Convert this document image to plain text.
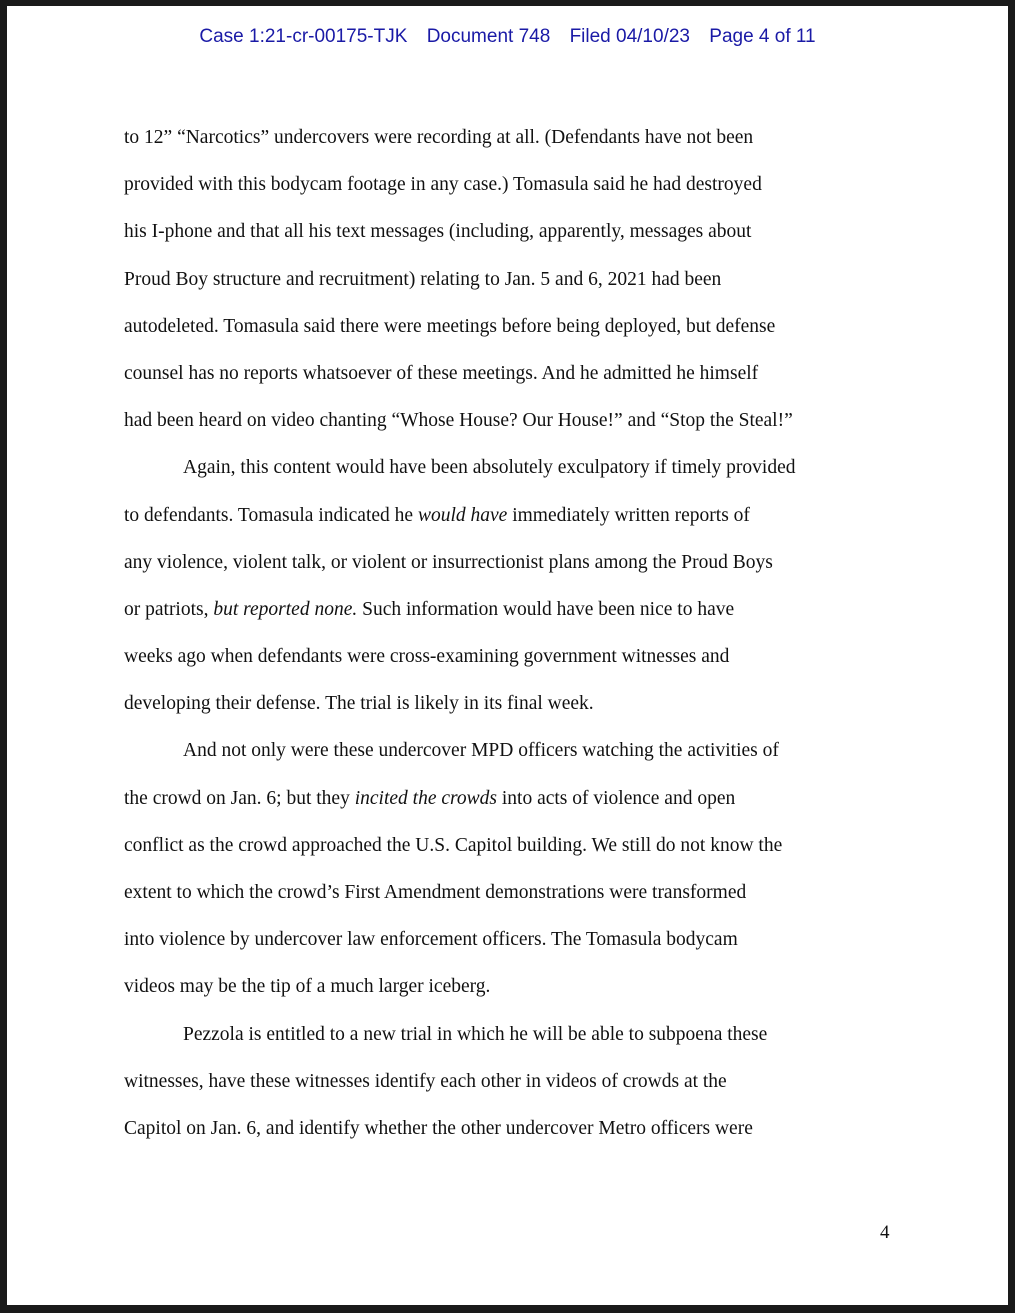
Case 1:21-cr-00175-TJK Document 748 Filed 04/10/23 Page 4 of 11
to 12” “Narcotics” undercovers were recording at all. (Defendants have not been
provided with this bodycam footage in any case.) Tomasula said he had destroyed
his I-phone and that all his text messages (including, apparently, messages about
Proud Boy structure and recruitment) relating to Jan. 5 and 6, 2021 had been
autodeleted. Tomasula said there were meetings before being deployed, but defense
counsel has no reports whatsoever of these meetings. And he admitted he himself
had been heard on video chanting “Whose House? Our House!” and “Stop the Steal!”
Again, this content would have been absolutely exculpatory if timely provided
to defendants. Tomasula indicated he would have immediately written reports of
any violence, violent talk, or violent or insurrectionist plans among the Proud Boys
or patriots, but reported none. Such information would have been nice to have
weeks ago when defendants were cross-examining government witnesses and
developing their defense. The trial is likely in its final week.
And not only were these undercover MPD officers watching the activities of
the crowd on Jan. 6; but they incited the crowds into acts of violence and open
conflict as the crowd approached the U.S. Capitol building. We still do not know the
extent to which the crowd’s First Amendment demonstrations were transformed
into violence by undercover law enforcement officers. The Tomasula bodycam
videos may be the tip of a much larger iceberg.
Pezzola is entitled to a new trial in which he will be able to subpoena these
witnesses, have these witnesses identify each other in videos of crowds at the
Capitol on Jan. 6, and identify whether the other undercover Metro officers were
4
